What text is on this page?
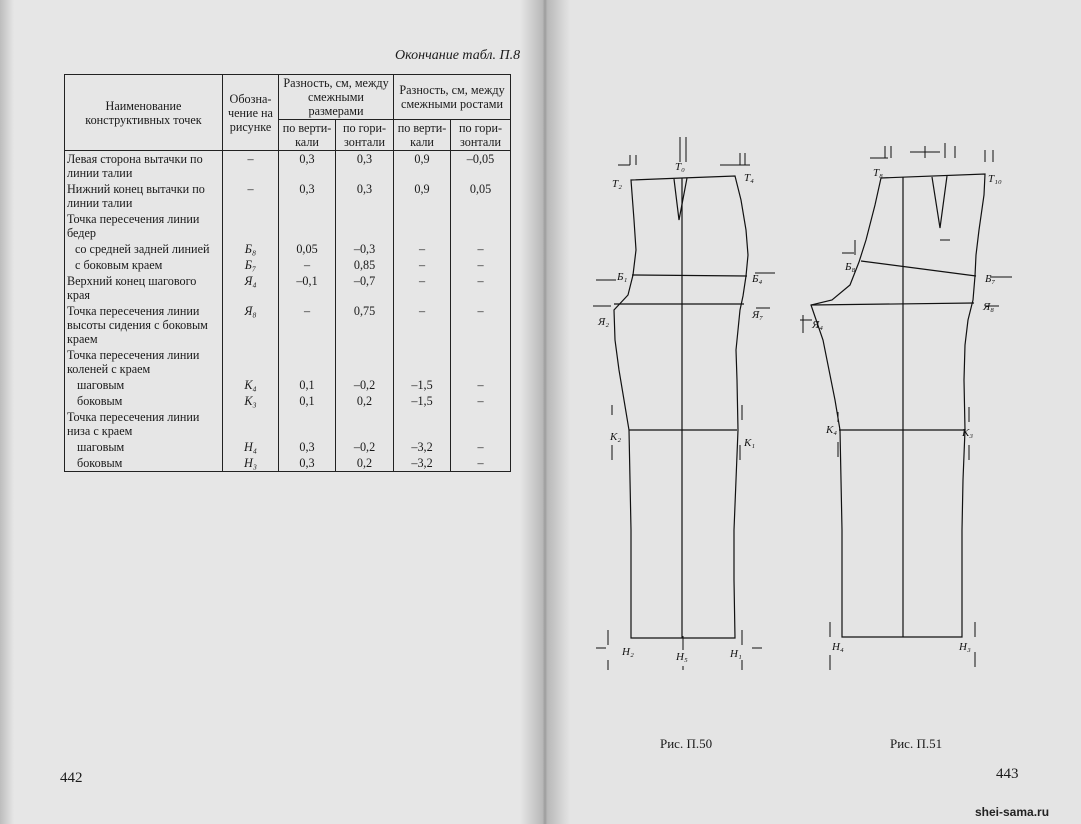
Окончание табл. П.8
Наименование конструктивных точек	Обозна-чение на рисунке	Разность, см, между смежными размерами		Разность, см, между смежными ростами	
		по верти-кали	по гори-зонтали	по верти-кали	по гори-зонтали
Левая сторона вытачки по линии талии	–	0,3	0,3	0,9	–0,05
Нижний конец вытачки по линии талии	–	0,3	0,3	0,9	0,05
Точка пересечения линии бедер					
со средней задней линией	Б₈	0,05	–0,3	–	–
с боковым краем	Б₇	–	0,85	–	–
Верхний конец шагового края	Я₄	–0,1	–0,7	–	–
Точка пересечения линии высоты сидения с боковым краем	Я₈	–	0,75	–	–
Точка пересечения линии коленей с краем					
шаговым	К₄	0,1	–0,2	–1,5	–
боковым	К₃	0,1	0,2	–1,5	–
Точка пересечения линии низа с краем					
шаговым	Н₄	0,3	–0,2	–3,2	–
боковым	Н₃	0,3	0,2	–3,2	–
442	443
Т₂
Т₀
Т₄
Б₁	Б₄
Я₂
Я₇
К₂	К₁
Н₂	Н₅	Н₁
Т₈	Т₁₀
Б₈
Б₇
Я₄
Я₈
К₄	К₃
Н₄	Н₃
Рис. П.50	Рис. П.51
shei-sama.ru
